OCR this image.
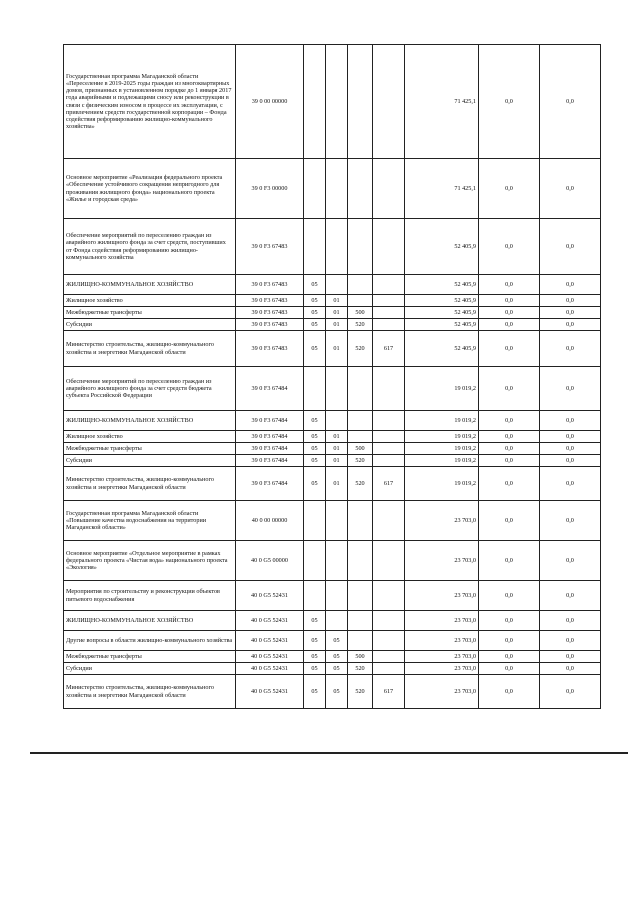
Государственная программа Магаданской области «Переселение в 2019-2025 годы граждан из многоквартирных домов, признанных в установленном порядке до 1 января 2017 года аварийными и подлежащими сносу или реконструкции в связи с физическим износом в процессе их эксплуатации, с привлечением средств государственной корпорации – Фонда содействия реформированию жилищно-коммунального хозяйства»	39 0 00 00000					71 425,1	0,0	0,0
Основное мероприятие «Реализация федерального проекта «Обеспечение устойчивого сокращения непригодного для проживания жилищного фонда» национального проекта «Жилье и городская среда»	39 0 F3 00000					71 425,1	0,0	0,0
Обеспечение мероприятий по переселению граждан из аварийного жилищного фонда за счет средств, поступивших от Фонда содействия реформированию жилищно-коммунального хозяйства	39 0 F3 67483					52 405,9	0,0	0,0
ЖИЛИЩНО-КОММУНАЛЬНОЕ ХОЗЯЙСТВО	39 0 F3 67483	05				52 405,9	0,0	0,0
Жилищное хозяйство	39 0 F3 67483	05	01			52 405,9	0,0	0,0
Межбюджетные трансферты	39 0 F3 67483	05	01	500		52 405,9	0,0	0,0
Субсидии	39 0 F3 67483	05	01	520		52 405,9	0,0	0,0
Министерство строительства, жилищно-коммунального хозяйства и энергетики Магаданской области	39 0 F3 67483	05	01	520	617	52 405,9	0,0	0,0
Обеспечение мероприятий по переселению граждан из аварийного жилищного фонда за счет средств бюджета субъекта Российской Федерации	39 0 F3 67484					19 019,2	0,0	0,0
ЖИЛИЩНО-КОММУНАЛЬНОЕ ХОЗЯЙСТВО	39 0 F3 67484	05				19 019,2	0,0	0,0
Жилищное хозяйство	39 0 F3 67484	05	01			19 019,2	0,0	0,0
Межбюджетные трансферты	39 0 F3 67484	05	01	500		19 019,2	0,0	0,0
Субсидии	39 0 F3 67484	05	01	520		19 019,2	0,0	0,0
Министерство строительства, жилищно-коммунального хозяйства и энергетики Магаданской области	39 0 F3 67484	05	01	520	617	19 019,2	0,0	0,0
Государственная программа Магаданской области «Повышение качества водоснабжения на территории Магаданской области»	40 0 00 00000					23 703,0	0,0	0,0
Основное мероприятие «Отдельное мероприятие в рамках федерального проекта «Чистая вода» национального проекта «Экология»	40 0 G5 00000					23 703,0	0,0	0,0
Мероприятия по строительству и реконструкции объектов питьевого водоснабжения	40 0 G5 52431					23 703,0	0,0	0,0
ЖИЛИЩНО-КОММУНАЛЬНОЕ ХОЗЯЙСТВО	40 0 G5 52431	05				23 703,0	0,0	0,0
Другие вопросы в области жилищно-коммунального хозяйства	40 0 G5 52431	05	05			23 703,0	0,0	0,0
Межбюджетные трансферты	40 0 G5 52431	05	05	500		23 703,0	0,0	0,0
Субсидии	40 0 G5 52431	05	05	520		23 703,0	0,0	0,0
Министерство строительства, жилищно-коммунального хозяйства и энергетики Магаданской области	40 0 G5 52431	05	05	520	617	23 703,0	0,0	0,0
